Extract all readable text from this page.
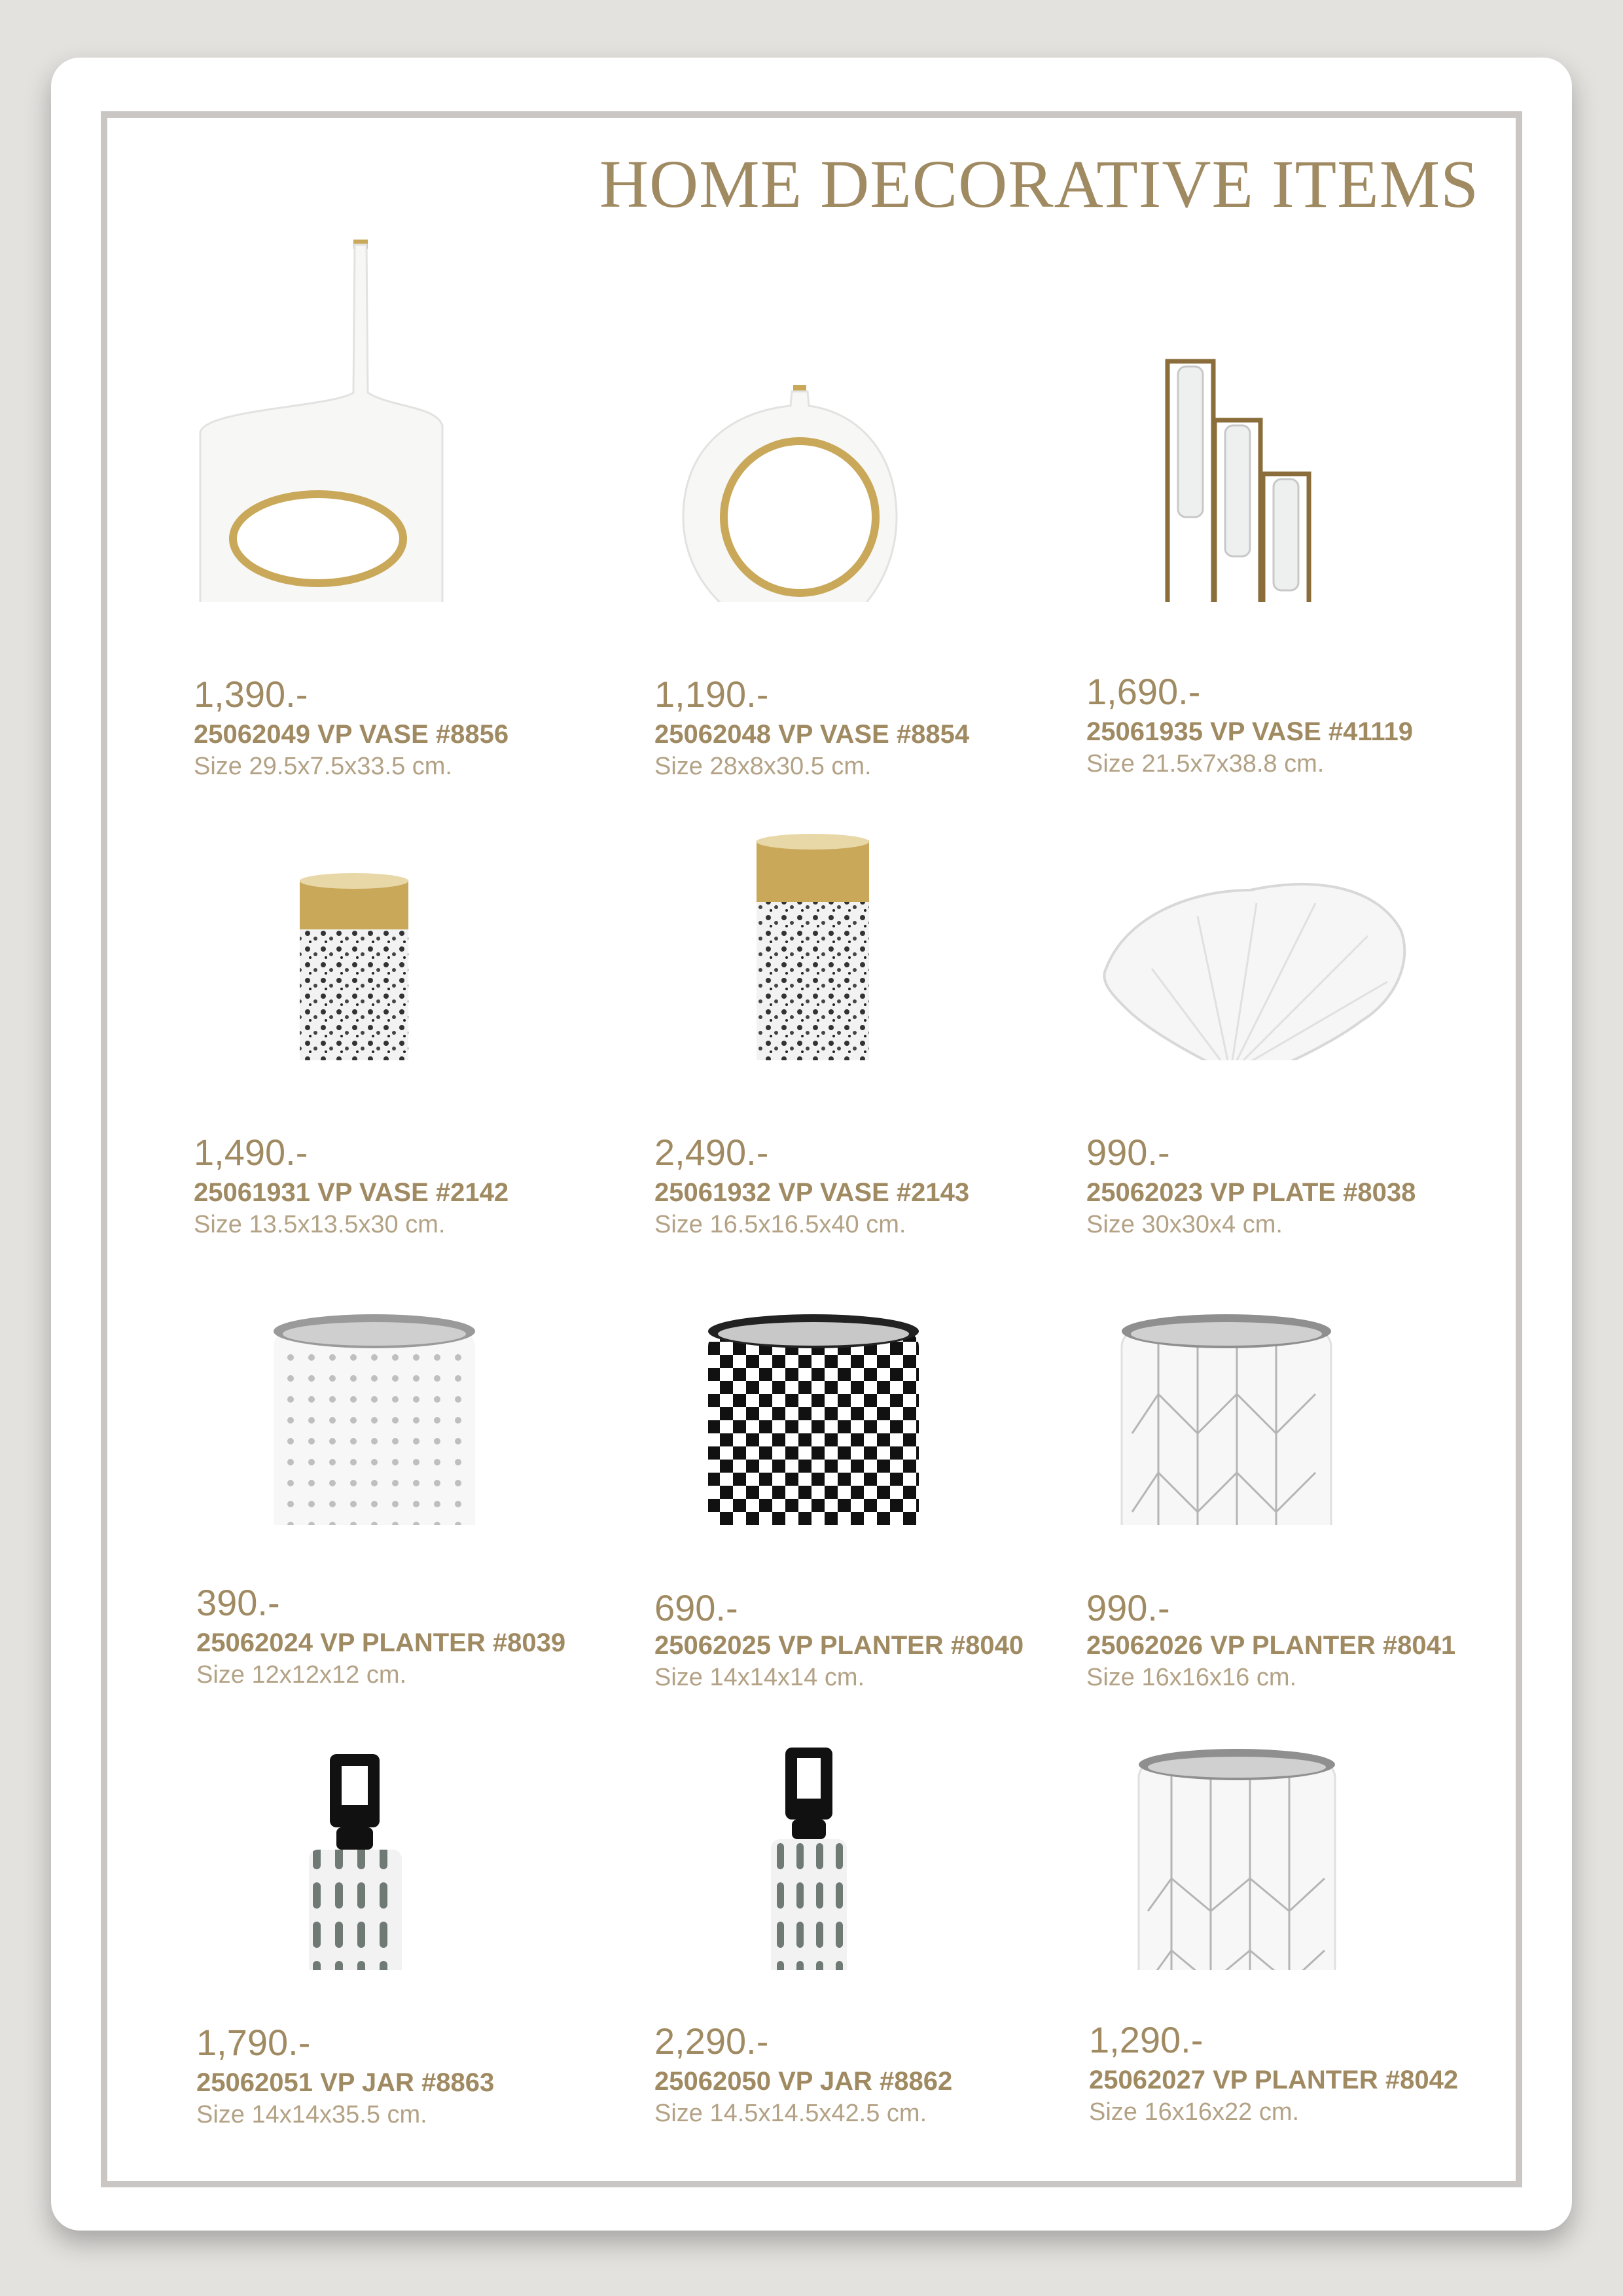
HOME DECORATIVE ITEMS
1,390.-
25062049 VP VASE #8856
Size 29.5x7.5x33.5 cm.
1,190.-
25062048 VP VASE #8854
Size 28x8x30.5 cm.
1,690.-
25061935 VP VASE #41119
Size 21.5x7x38.8 cm.
1,490.-
25061931 VP VASE #2142
Size 13.5x13.5x30 cm.
2,490.-
25061932 VP VASE #2143
Size 16.5x16.5x40 cm.
990.-
25062023 VP PLATE #8038
Size 30x30x4 cm.
390.-
25062024 VP PLANTER #8039
Size 12x12x12 cm.
690.-
25062025 VP PLANTER #8040
Size 14x14x14 cm.
990.-
25062026 VP PLANTER #8041
Size 16x16x16 cm.
1,790.-
25062051 VP JAR #8863
Size 14x14x35.5 cm.
2,290.-
25062050 VP JAR #8862
Size 14.5x14.5x42.5 cm.
1,290.-
25062027 VP PLANTER #8042
Size 16x16x22 cm.
